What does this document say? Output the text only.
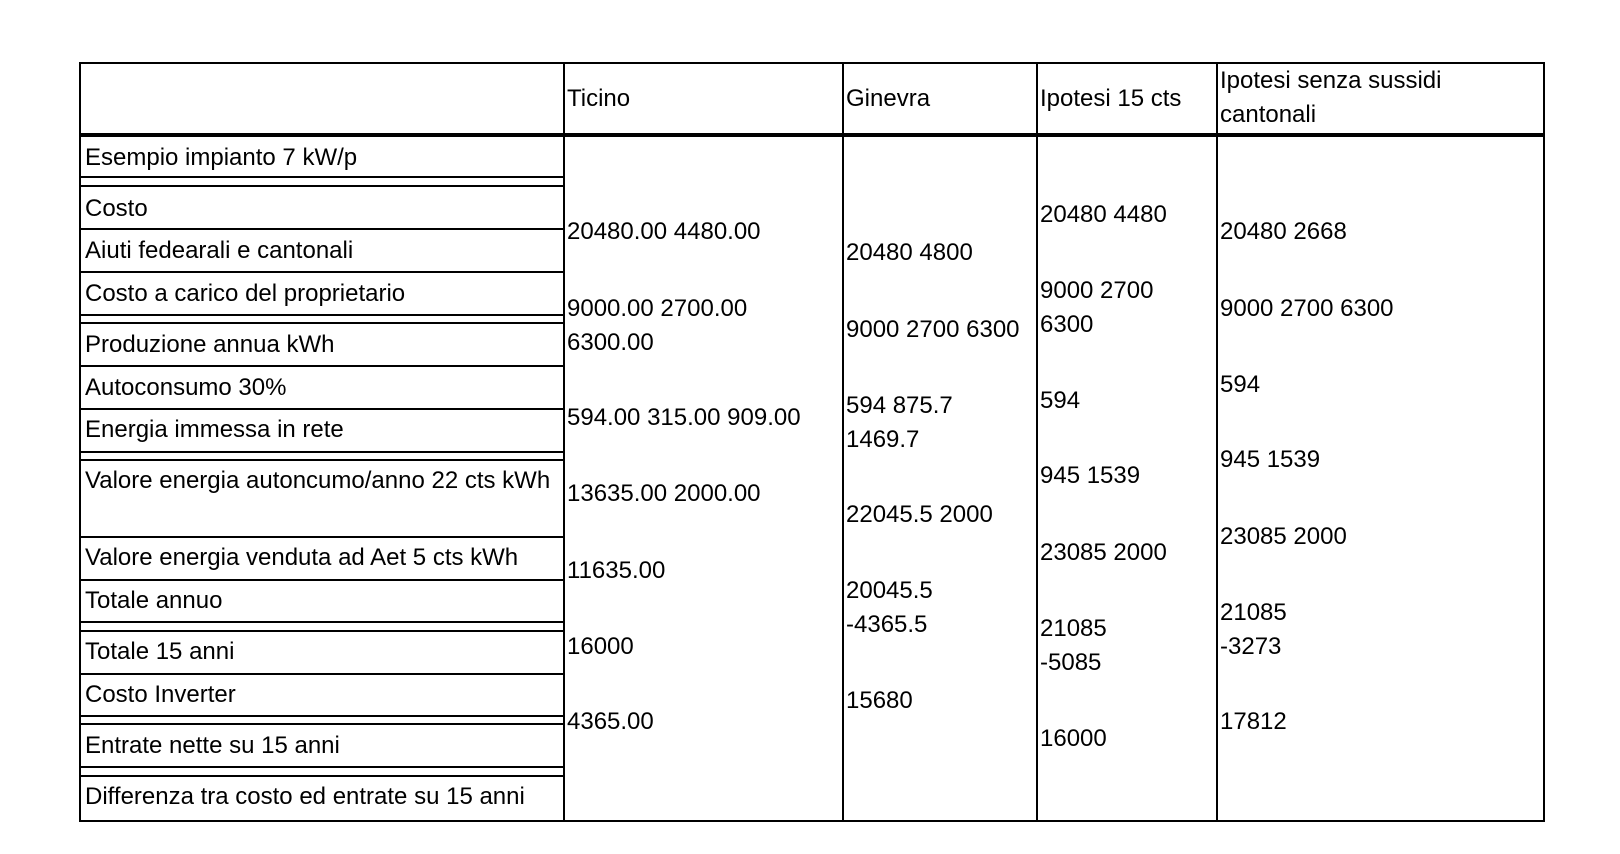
Ticino	Ginevra	Ipotesi 15 cts
Ipotesi senza sussidi cantonali
Esempio impianto 7 kW/p
Costo
Aiuti fedearali e cantonali
Costo a carico del proprietario
Produzione annua kWh
Autoconsumo 30%
Energia immessa in rete
Valore energia autoncumo/anno 22 cts kWh
Valore energia venduta ad Aet 5 cts kWh
Totale annuo
Totale 15 anni
Costo Inverter
Entrate nette su 15 anni
Differenza tra costo ed entrate su 15 anni
20480.00 4480.00
9000.00 2700.00
6300.00
594.00 315.00 909.00
13635.00 2000.00
11635.00
16000
4365.00
20480 4800
9000 2700 6300
594 875.7
1469.7
22045.5 2000
20045.5
-4365.5
15680
20480 4480
9000 2700
6300
594
945 1539
23085 2000
21085
-5085
16000
20480 2668
9000 2700 6300
594
945 1539
23085 2000
21085
-3273
17812
